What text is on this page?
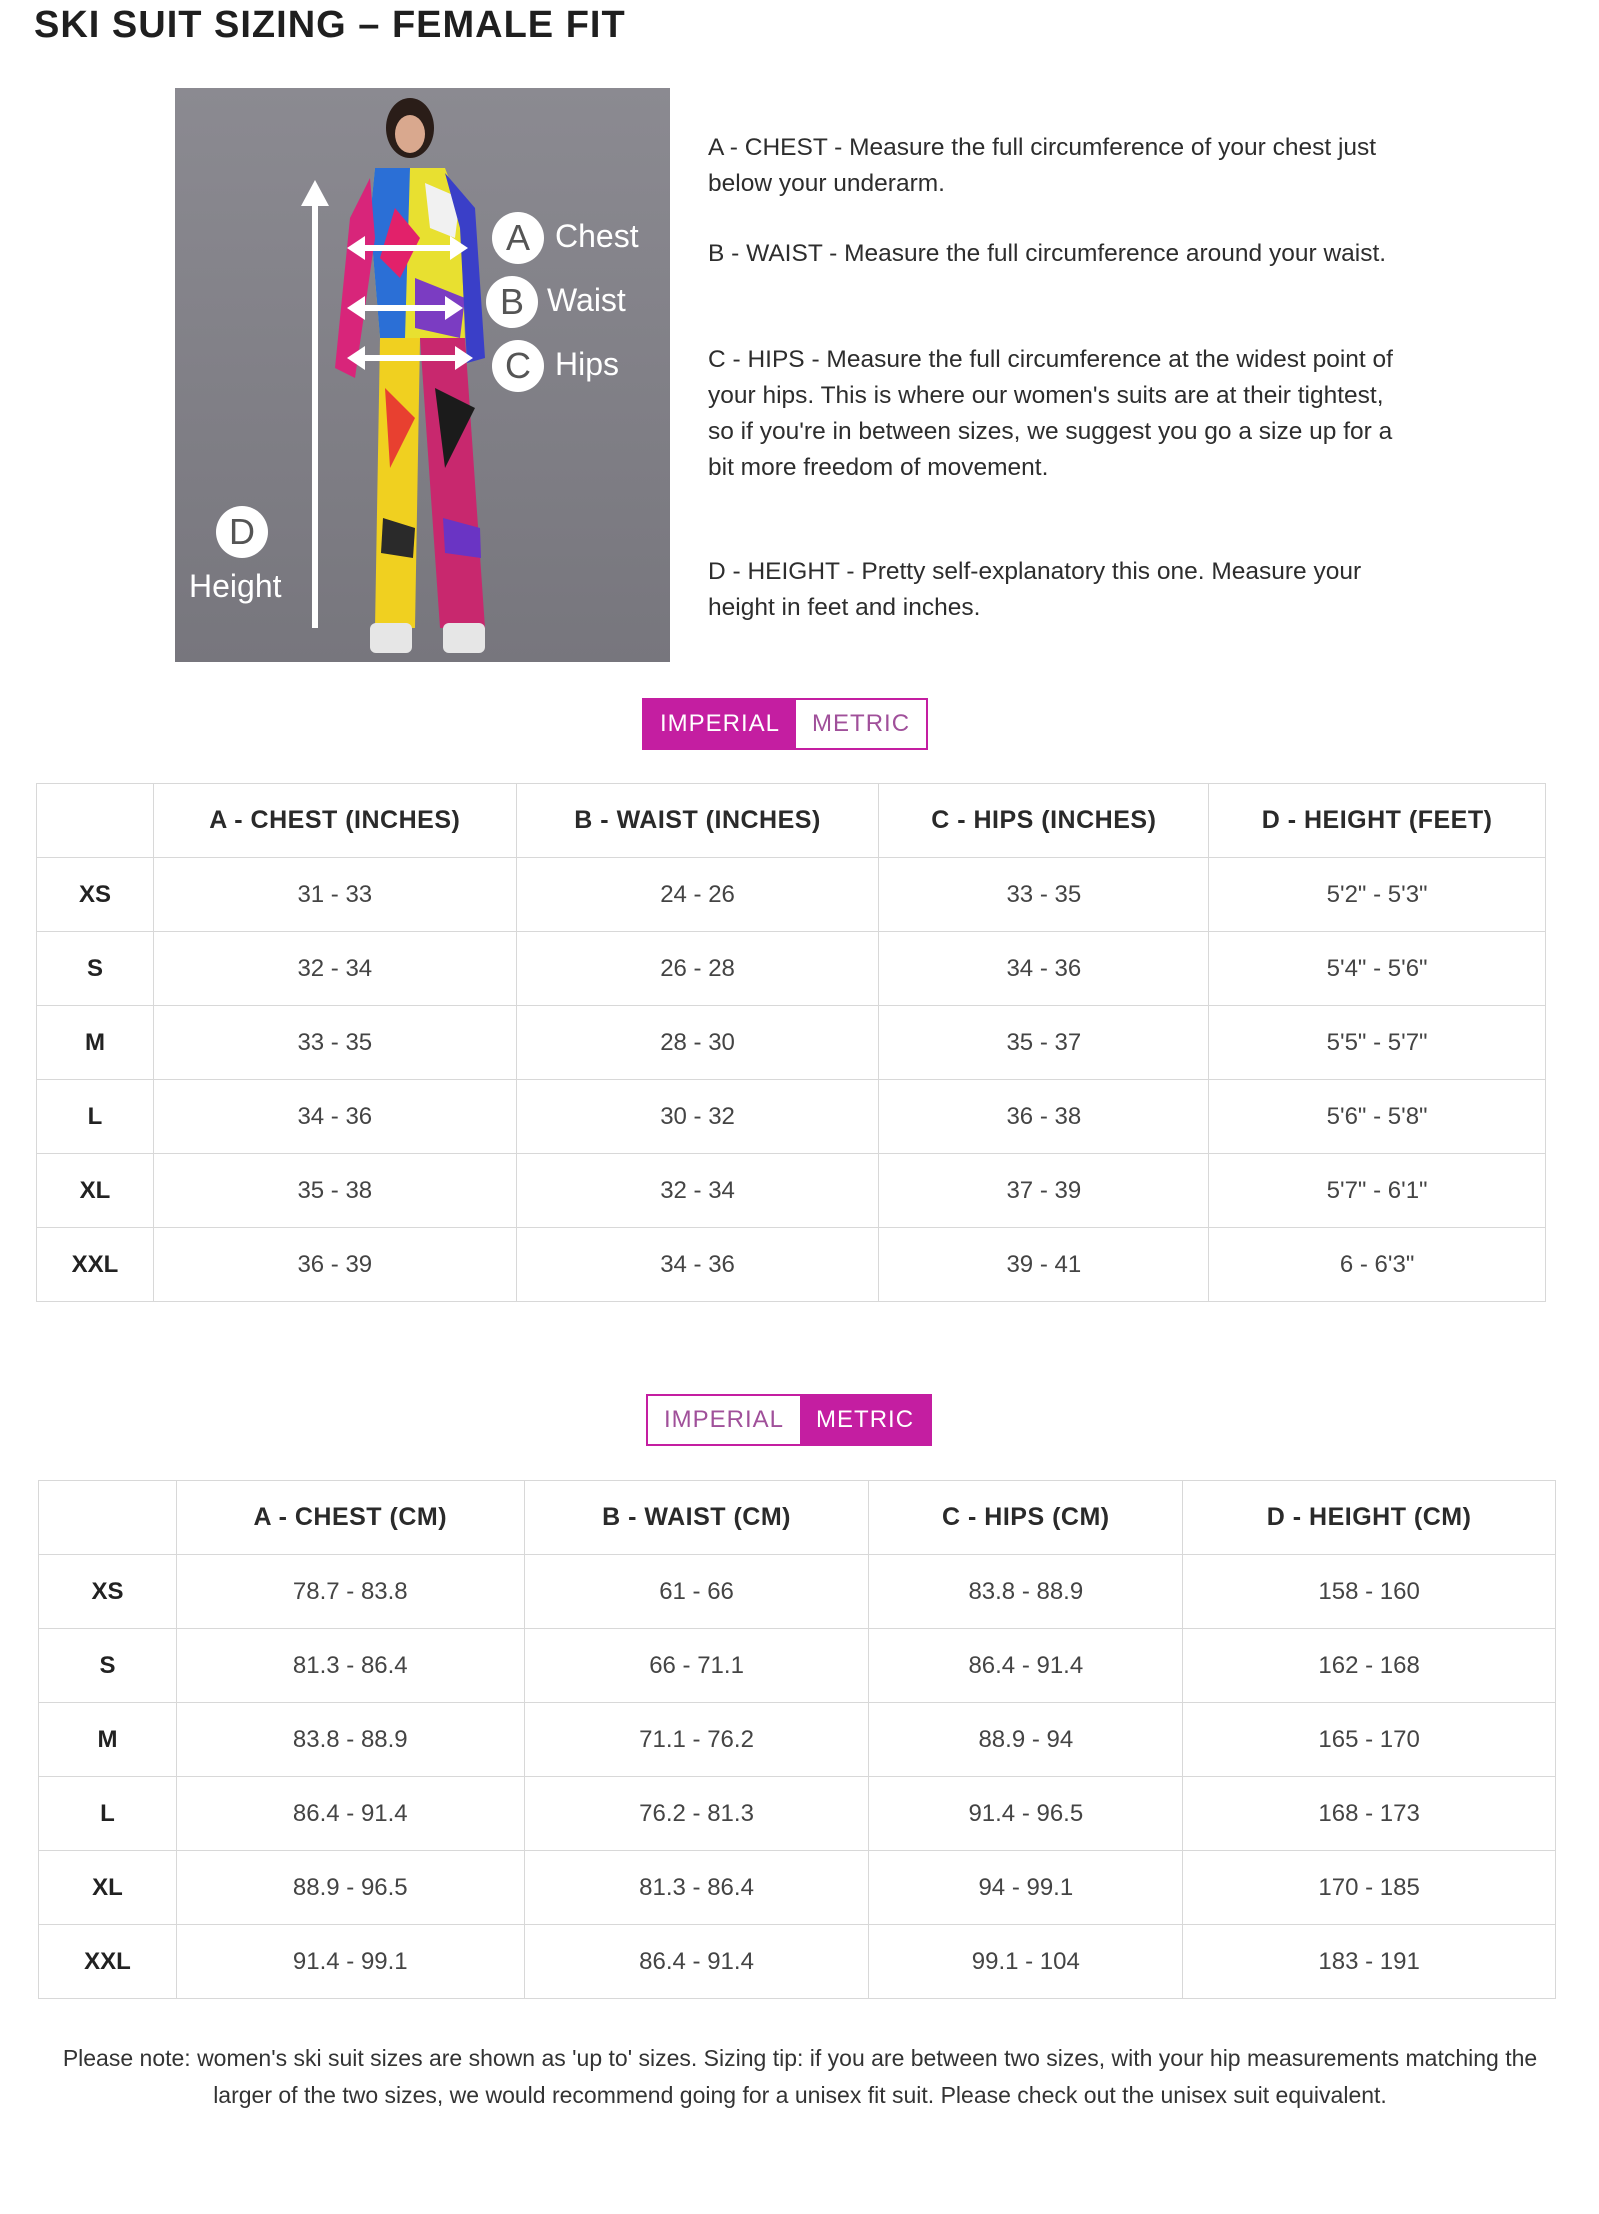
SKI SUIT SIZING – FEMALE FIT
A Chest
B Waist
C Hips
D
Height
A - CHEST - Measure the full circumference of your chest just below your underarm.
B - WAIST - Measure the full circumference around your waist.
C - HIPS - Measure the full circumference at the widest point of your hips. This is where our women's suits are at their tightest, so if you're in between sizes, we suggest you go a size up for a bit more freedom of movement.
D - HEIGHT - Pretty self-explanatory this one. Measure your height in feet and inches.
IMPERIAL	METRIC
	A - CHEST (INCHES)	B - WAIST (INCHES)	C - HIPS (INCHES)	D - HEIGHT (FEET)
XS	31 - 33	24 - 26	33 - 35	5'2" - 5'3"
S	32 - 34	26 - 28	34 - 36	5'4" - 5'6"
M	33 - 35	28 - 30	35 - 37	5'5" - 5'7"
L	34 - 36	30 - 32	36 - 38	5'6" - 5'8"
XL	35 - 38	32 - 34	37 - 39	5'7" - 6'1"
XXL	36 - 39	34 - 36	39 - 41	6 - 6'3"
IMPERIAL	METRIC
	A - CHEST (CM)	B - WAIST (CM)	C - HIPS (CM)	D - HEIGHT (CM)
XS	78.7 - 83.8	61 - 66	83.8 - 88.9	158 - 160
S	81.3 - 86.4	66 - 71.1	86.4 - 91.4	162 - 168
M	83.8 - 88.9	71.1 - 76.2	88.9 - 94	165 - 170
L	86.4 - 91.4	76.2 - 81.3	91.4 - 96.5	168 - 173
XL	88.9 - 96.5	81.3 - 86.4	94 - 99.1	170 - 185
XXL	91.4 - 99.1	86.4 - 91.4	99.1 - 104	183 - 191
Please note: women's ski suit sizes are shown as 'up to' sizes. Sizing tip: if you are between two sizes, with your hip measurements matching the larger of the two sizes, we would recommend going for a unisex fit suit. Please check out the unisex suit equivalent.
